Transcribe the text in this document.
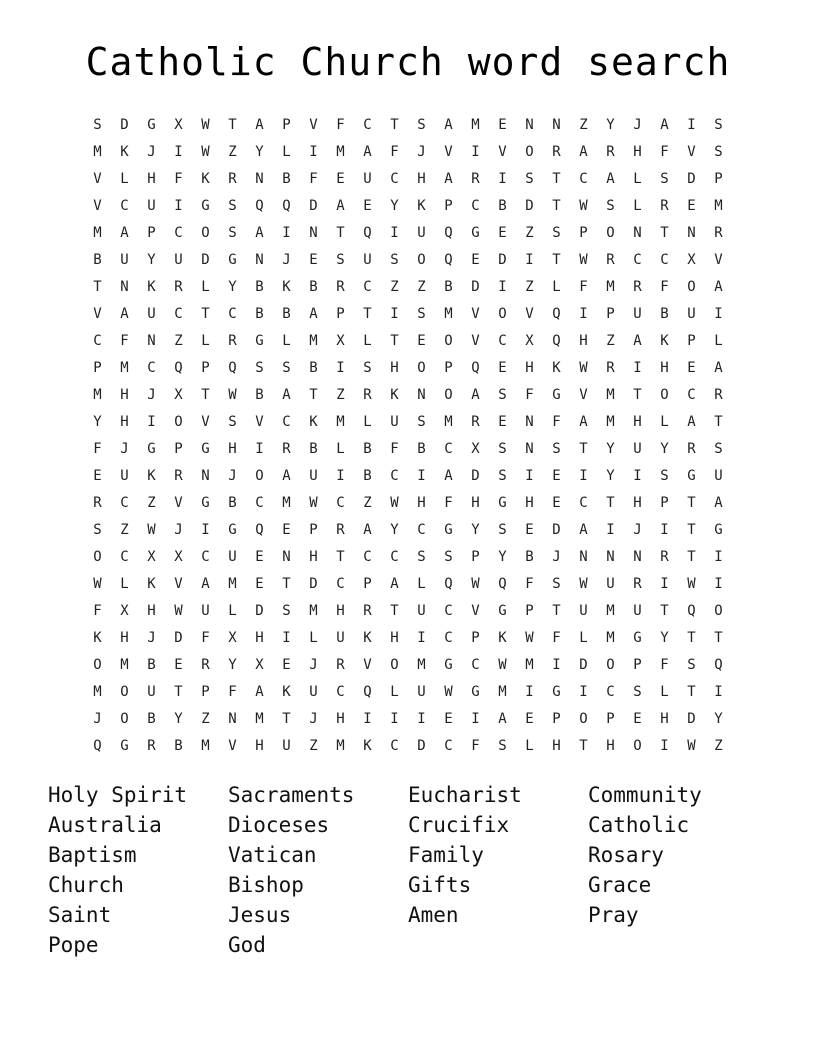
Catholic Church word search
S	D	G	X	W	T	A	P	V	F	C	T	S	A	M	E	N	N	Z	Y	J	A	I	S
M	K	J	I	W	Z	Y	L	I	M	A	F	J	V	I	V	O	R	A	R	H	F	V	S
V	L	H	F	K	R	N	B	F	E	U	C	H	A	R	I	S	T	C	A	L	S	D	P
V	C	U	I	G	S	Q	Q	D	A	E	Y	K	P	C	B	D	T	W	S	L	R	E	M
M	A	P	C	O	S	A	I	N	T	Q	I	U	Q	G	E	Z	S	P	O	N	T	N	R
B	U	Y	U	D	G	N	J	E	S	U	S	O	Q	E	D	I	T	W	R	C	C	X	V
T	N	K	R	L	Y	B	K	B	R	C	Z	Z	B	D	I	Z	L	F	M	R	F	O	A
V	A	U	C	T	C	B	B	A	P	T	I	S	M	V	O	V	Q	I	P	U	B	U	I
C	F	N	Z	L	R	G	L	M	X	L	T	E	O	V	C	X	Q	H	Z	A	K	P	L
P	M	C	Q	P	Q	S	S	B	I	S	H	O	P	Q	E	H	K	W	R	I	H	E	A
M	H	J	X	T	W	B	A	T	Z	R	K	N	O	A	S	F	G	V	M	T	O	C	R
Y	H	I	O	V	S	V	C	K	M	L	U	S	M	R	E	N	F	A	M	H	L	A	T
F	J	G	P	G	H	I	R	B	L	B	F	B	C	X	S	N	S	T	Y	U	Y	R	S
E	U	K	R	N	J	O	A	U	I	B	C	I	A	D	S	I	E	I	Y	I	S	G	U
R	C	Z	V	G	B	C	M	W	C	Z	W	H	F	H	G	H	E	C	T	H	P	T	A
S	Z	W	J	I	G	Q	E	P	R	A	Y	C	G	Y	S	E	D	A	I	J	I	T	G
O	C	X	X	C	U	E	N	H	T	C	C	S	S	P	Y	B	J	N	N	N	R	T	I
W	L	K	V	A	M	E	T	D	C	P	A	L	Q	W	Q	F	S	W	U	R	I	W	I
F	X	H	W	U	L	D	S	M	H	R	T	U	C	V	G	P	T	U	M	U	T	Q	O
K	H	J	D	F	X	H	I	L	U	K	H	I	C	P	K	W	F	L	M	G	Y	T	T
O	M	B	E	R	Y	X	E	J	R	V	O	M	G	C	W	M	I	D	O	P	F	S	Q
M	O	U	T	P	F	A	K	U	C	Q	L	U	W	G	M	I	G	I	C	S	L	T	I
J	O	B	Y	Z	N	M	T	J	H	I	I	I	E	I	A	E	P	O	P	E	H	D	Y
Q	G	R	B	M	V	H	U	Z	M	K	C	D	C	F	S	L	H	T	H	O	I	W	Z
Holy Spirit	Sacraments	Eucharist	Community
Australia	Dioceses	Crucifix	Catholic
Baptism	Vatican	Family	Rosary
Church	Bishop	Gifts	Grace
Saint	Jesus	Amen	Pray
Pope	God
